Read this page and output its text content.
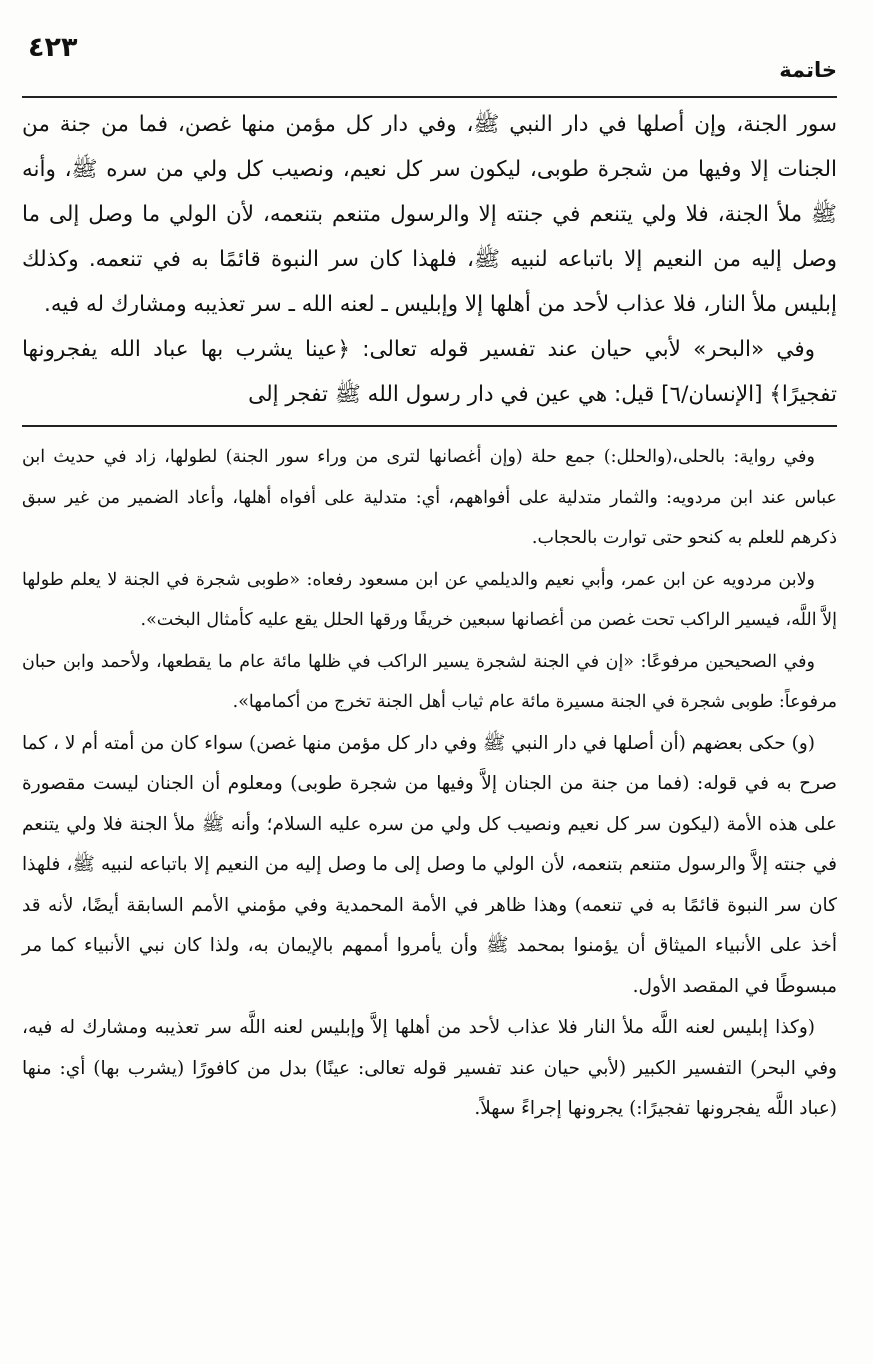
٤٢٣
خاتمة

سور الجنة، وإن أصلها في دار النبي ﷺ، وفي دار كل مؤمن منها غصن، فما من جنة من الجنات إلا وفيها من شجرة طوبى، ليكون سر كل نعيم، ونصيب كل ولي من سره ﷺ، وأنه ﷺ ملأ الجنة، فلا ولي يتنعم في جنته إلا والرسول متنعم بتنعمه، لأن الولي ما وصل إلى ما وصل إليه من النعيم إلا باتباعه لنبيه ﷺ، فلهذا كان سر النبوة قائمًا به في تنعمه. وكذلك إبليس ملأ النار، فلا عذاب لأحد من أهلها إلا وإبليس ـ لعنه الله ـ سر تعذيبه ومشارك له فيه.

وفي «البحر» لأبي حيان عند تفسير قوله تعالى: ﴿عينا يشرب بها عباد الله يفجرونها تفجيرًا﴾ [الإنسان/٦] قيل: هي عين في دار رسول الله ﷺ تفجر إلى

وفي رواية: بالحلى،(والحلل:) جمع حلة (وإن أغصانها لترى من وراء سور الجنة) لطولها، زاد في حديث ابن عباس عند ابن مردويه: والثمار متدلية على أفواههم، أي: متدلية على أفواه أهلها، وأعاد الضمير من غير سبق ذكرهم للعلم به كنحو حتى توارت بالحجاب.

ولابن مردويه عن ابن عمر، وأبي نعيم والديلمي عن ابن مسعود رفعاه: «طوبى شجرة في الجنة لا يعلم طولها إلاَّ اللَّه، فيسير الراكب تحت غصن من أغصانها سبعين خريفًا ورقها الحلل يقع عليه كأمثال البخت».

وفي الصحيحين مرفوعًا: «إن في الجنة لشجرة يسير الراكب في ظلها مائة عام ما يقطعها، ولأحمد وابن حبان مرفوعاً: طوبى شجرة في الجنة مسيرة مائة عام ثياب أهل الجنة تخرج من أكمامها».

(و) حكى بعضهم (أن أصلها في دار النبي ﷺ وفي دار كل مؤمن منها غصن) سواء كان من أمته أم لا ، كما صرح به في قوله: (فما من جنة من الجنان إلاَّ وفيها من شجرة طوبى) ومعلوم أن الجنان ليست مقصورة على هذه الأمة (ليكون سر كل نعيم ونصيب كل ولي من سره عليه السلام؛ وأنه ﷺ ملأ الجنة فلا ولي يتنعم في جنته إلاَّ والرسول متنعم بتنعمه، لأن الولي ما وصل إلى ما وصل إليه من النعيم إلا باتباعه لنبيه ﷺ، فلهذا كان سر النبوة قائمًا به في تنعمه) وهذا ظاهر في الأمة المحمدية وفي مؤمني الأمم السابقة أيضًا، لأنه قد أخذ على الأنبياء الميثاق أن يؤمنوا بمحمد ﷺ وأن يأمروا أممهم بالإيمان به، ولذا كان نبي الأنبياء كما مر مبسوطًا في المقصد الأول.

(وكذا إبليس لعنه اللَّه ملأ النار فلا عذاب لأحد من أهلها إلاَّ وإبليس لعنه اللَّه سر تعذيبه ومشارك له فيه، وفي البحر) التفسير الكبير (لأبي حيان عند تفسير قوله تعالى: عينًا) بدل من كافورًا (يشرب بها) أي: منها (عباد اللَّه يفجرونها تفجيرًا:) يجرونها إجراءً سهلاً.
